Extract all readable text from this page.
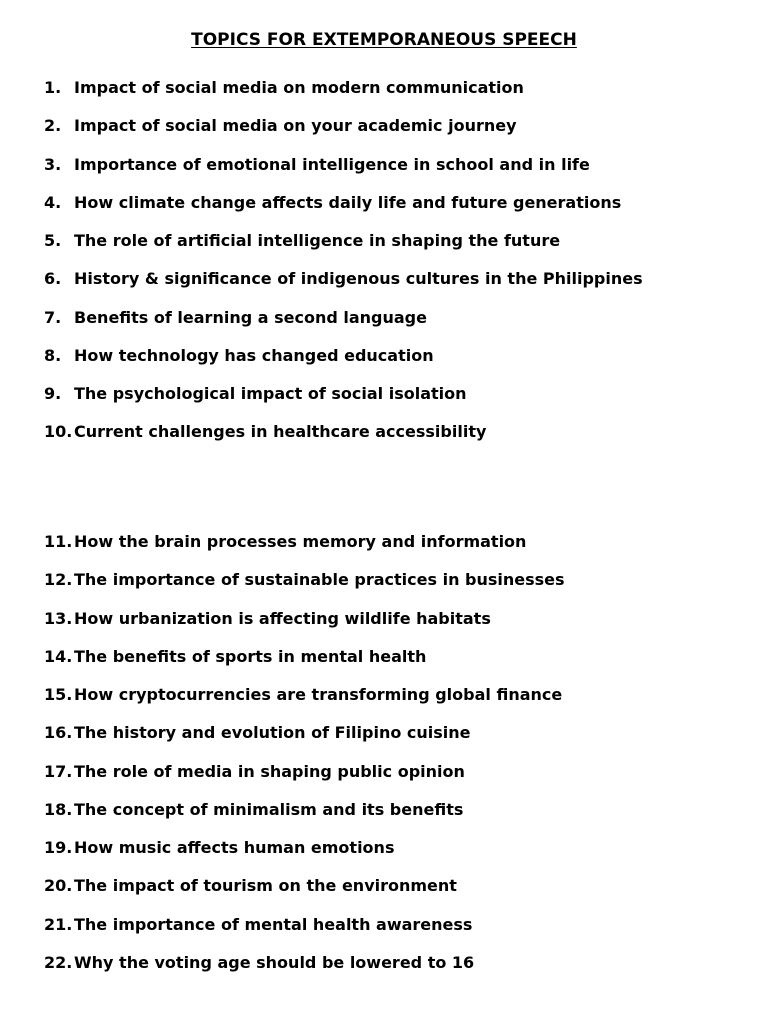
TOPICS FOR EXTEMPORANEOUS SPEECH
1. Impact of social media on modern communication
2. Impact of social media on your academic journey
3. Importance of emotional intelligence in school and in life
4. How climate change affects daily life and future generations
5. The role of artificial intelligence in shaping the future
6. History & significance of indigenous cultures in the Philippines
7. Benefits of learning a second language
8. How technology has changed education
9. The psychological impact of social isolation
10. Current challenges in healthcare accessibility
11. How the brain processes memory and information
12. The importance of sustainable practices in businesses
13. How urbanization is affecting wildlife habitats
14. The benefits of sports in mental health
15. How cryptocurrencies are transforming global finance
16. The history and evolution of Filipino cuisine
17. The role of media in shaping public opinion
18. The concept of minimalism and its benefits
19. How music affects human emotions
20. The impact of tourism on the environment
21. The importance of mental health awareness
22. Why the voting age should be lowered to 16
